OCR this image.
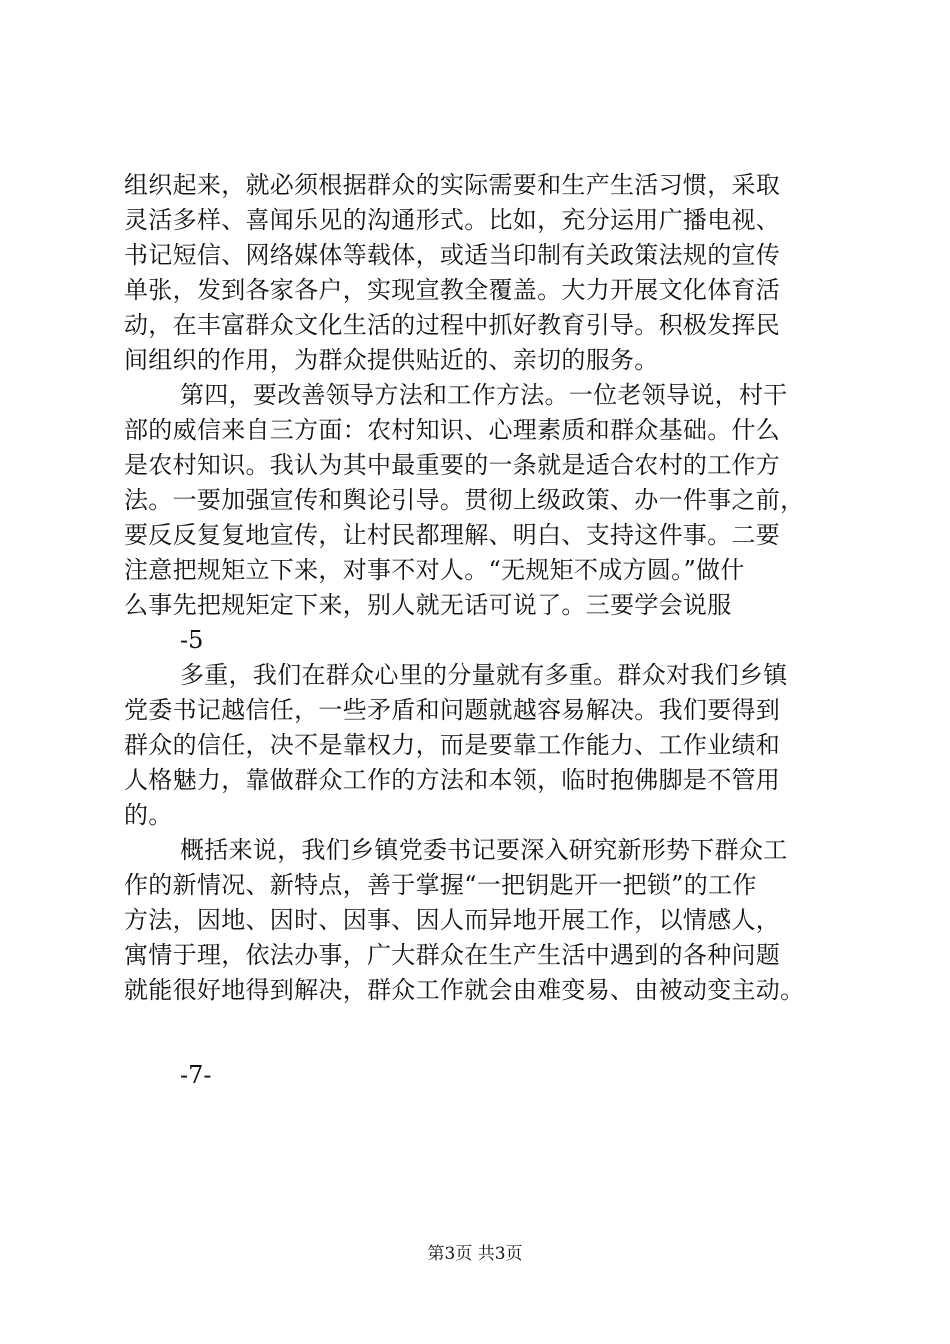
组织起来，就必须根据群众的实际需要和生产生活习惯，采取
灵活多样、喜闻乐见的沟通形式。比如，充分运用广播电视、
书记短信、网络媒体等载体，或适当印制有关政策法规的宣传
单张，发到各家各户，实现宣教全覆盖。大力开展文化体育活
动，在丰富群众文化生活的过程中抓好教育引导。积极发挥民
间组织的作用，为群众提供贴近的、亲切的服务。

第四，要改善领导方法和工作方法。一位老领导说，村干
部的威信来自三方面：农村知识、心理素质和群众基础。什么
是农村知识。我认为其中最重要的一条就是适合农村的工作方
法。一要加强宣传和舆论引导。贯彻上级政策、办一件事之前，
要反反复复地宣传，让村民都理解、明白、支持这件事。二要
注意把规矩立下来，对事不对人。“无规矩不成方圆。”做什
么事先把规矩定下来，别人就无话可说了。三要学会说服

-5

多重，我们在群众心里的分量就有多重。群众对我们乡镇
党委书记越信任，一些矛盾和问题就越容易解决。我们要得到
群众的信任，决不是靠权力，而是要靠工作能力、工作业绩和
人格魅力，靠做群众工作的方法和本领，临时抱佛脚是不管用
的。

概括来说，我们乡镇党委书记要深入研究新形势下群众工
作的新情况、新特点，善于掌握“一把钥匙开一把锁”的工作
方法，因地、因时、因事、因人而异地开展工作，以情感人，
寓情于理，依法办事，广大群众在生产生活中遇到的各种问题
就能很好地得到解决，群众工作就会由难变易、由被动变主动。

-7-

第3页 共3页
